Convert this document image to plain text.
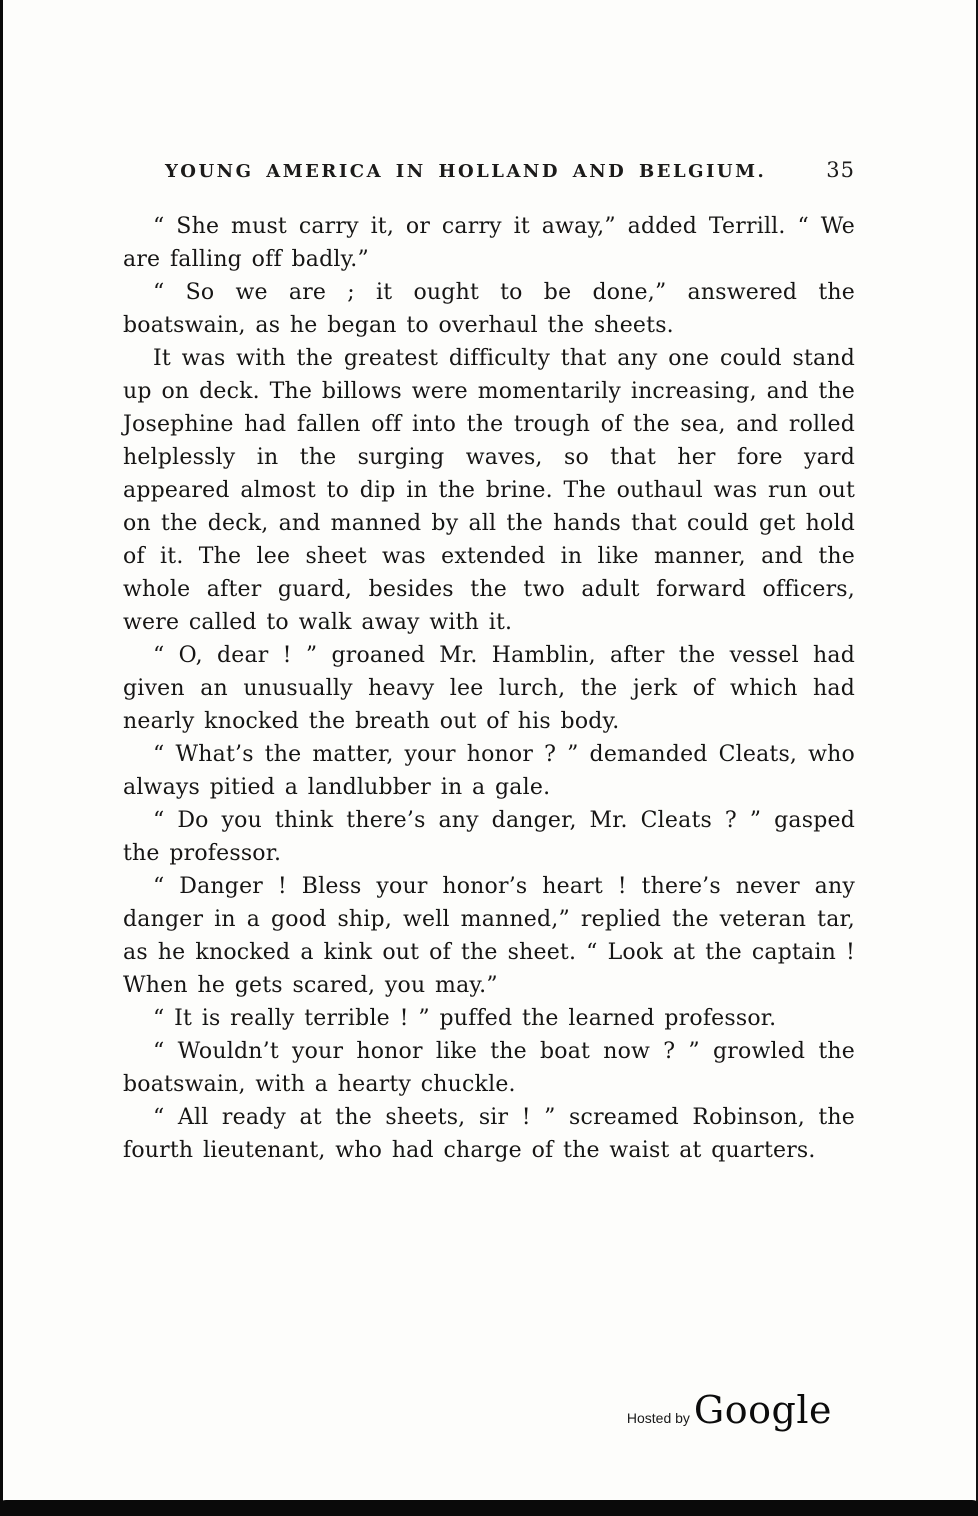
YOUNG AMERICA IN HOLLAND AND BELGIUM.	35

“ She must carry it, or carry it away,” added Terrill. “ We are falling off badly.”

“ So we are ; it ought to be done,” answered the boatswain, as he began to overhaul the sheets.

It was with the greatest difficulty that any one could stand up on deck. The billows were momentarily increasing, and the Josephine had fallen off into the trough of the sea, and rolled helplessly in the surging waves, so that her fore yard appeared almost to dip in the brine. The outhaul was run out on the deck, and manned by all the hands that could get hold of it. The lee sheet was extended in like manner, and the whole after guard, besides the two adult forward officers, were called to walk away with it.

“ O, dear ! ” groaned Mr. Hamblin, after the vessel had given an unusually heavy lee lurch, the jerk of which had nearly knocked the breath out of his body.

“ What’s the matter, your honor ? ” demanded Cleats, who always pitied a landlubber in a gale.

“ Do you think there’s any danger, Mr. Cleats ? ” gasped the professor.

“ Danger ! Bless your honor’s heart ! there’s never any danger in a good ship, well manned,” replied the veteran tar, as he knocked a kink out of the sheet. “ Look at the captain ! When he gets scared, you may.”

“ It is really terrible ! ” puffed the learned professor.

“ Wouldn’t your honor like the boat now ? ” growled the boatswain, with a hearty chuckle.

“ All ready at the sheets, sir ! ” screamed Robinson, the fourth lieutenant, who had charge of the waist at quarters.

Hosted by Google
